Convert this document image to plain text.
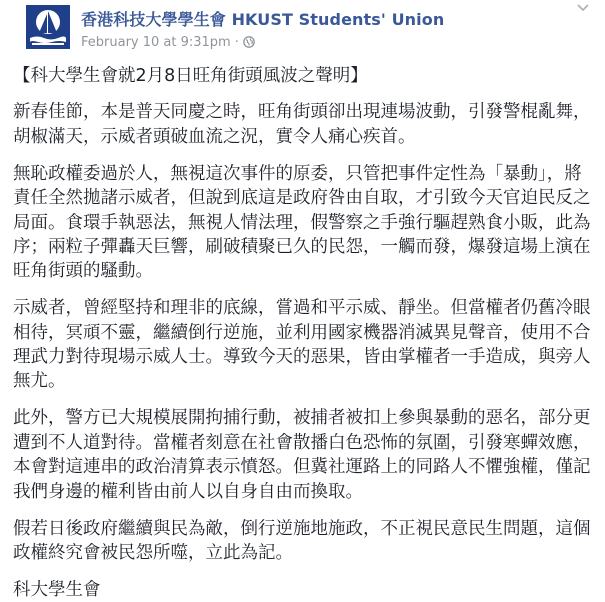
香港科技大學學生會 HKUST Students' Union
February 10 at 9:31pm ·

【科大學生會就2月8日旺角街頭風波之聲明】

新春佳節，本是普天同慶之時，旺角街頭卻出現連場波動，引發警棍亂舞，胡椒滿天，示威者頭破血流之況，實令人痛心疾首。

無恥政權委過於人，無視這次事件的原委，只管把事件定性為「暴動」，將責任全然拋諸示威者，但說到底這是政府咎由自取，才引致今天官迫民反之局面。食環手執惡法，無視人情法理，假警察之手強行驅趕熟食小販，此為序；兩粒子彈轟天巨響，刷破積聚已久的民怨，一觸而發，爆發這場上演在旺角街頭的騷動。

示威者，曾經堅持和理非的底線，嘗過和平示威、靜坐。但當權者仍舊冷眼相待，冥頑不靈，繼續倒行逆施，並利用國家機器消滅異見聲音，使用不合理武力對待現場示威人士。導致今天的惡果，皆由掌權者一手造成，與旁人無尤。

此外，警方已大規模展開拘捕行動，被捕者被扣上參與暴動的惡名，部分更遭到不人道對待。當權者刻意在社會散播白色恐怖的氛圍，引發寒蟬效應，本會對這連串的政治清算表示憤怒。但冀社運路上的同路人不懼強權，僅記我們身邊的權利皆由前人以自身自由而換取。

假若日後政府繼續與民為敵，倒行逆施地施政，不正視民意民生問題，這個政權終究會被民怨所噬，立此為記。

科大學生會
